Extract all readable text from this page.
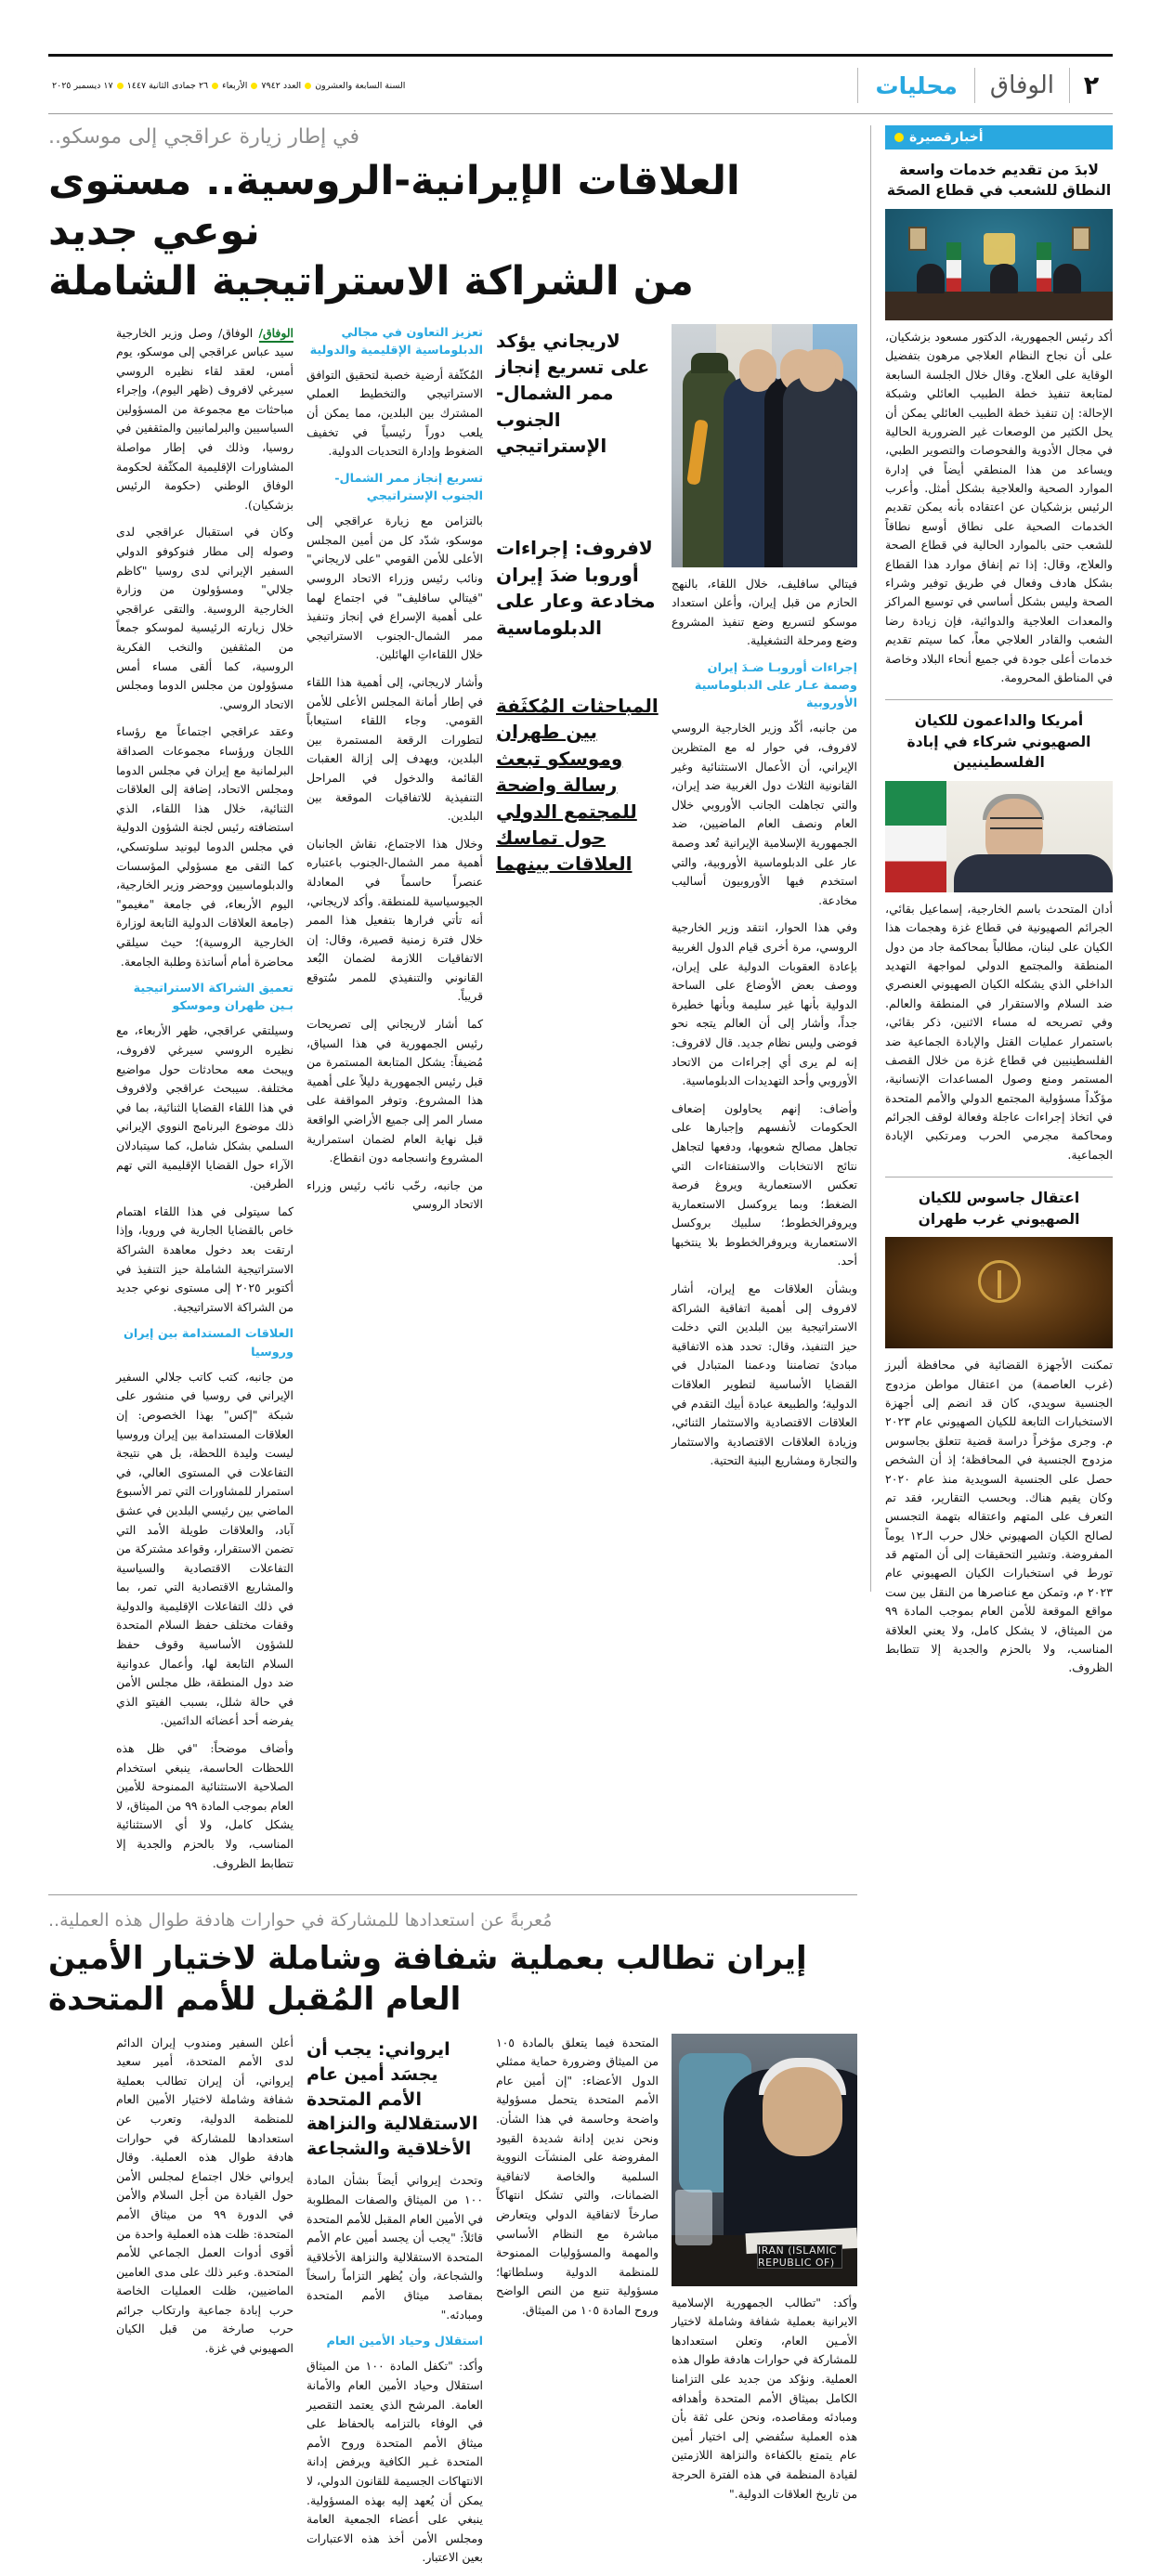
٢
الوفاق
محليات
السنة السابعة والعشرونالعدد ٧٩٤٢الأربعاء٢٦ جمادى الثانية ١٤٤٧١٧ ديسمبر ٢٠٢٥
أخبارقصيرة
لابدَ من تقديم خدمات واسعة النطاق للشعب في قطاع الصحَة
أكد رئيس الجمهورية، الدكتور مسعود بزشكيان، على أن نجاح النظام العلاجي مرهون بتفضيل الوقاية على العلاج. وقال خلال الجلسة السابعة لمتابعة تنفيذ خطة الطبيب العائلي وشبكة الإحالة: إن تنفيذ خطة الطبيب العائلي يمكن أن يحل الكثير من الوصعات غير الضرورية الحالية في مجال الأدوية والفحوصات والتصوير الطبي، ويساعد من هذا المنطقي أيضاً في إدارة الموارد الصحية والعلاجية بشكل أمثل. وأعرب الرئيس بزشكيان عن اعتقاده بأنه يمكن تقديم الخدمات الصحية على نطاق أوسع نطاقاً للشعب حتى بالموارد الحالية في قطاع الصحة والعلاج، وقال: إذا تم إنفاق موارد هذا القطاع بشكل هادف وفعال في طريق توفير وشراء الصحة وليس بشكل أساسي في توسيع المراكز والمعدات العلاجية والدوائية، فإن زيادة رضا الشعب والقادر العلاجي معاً، كما سيتم تقديم خدمات أعلى جودة في جميع أنحاء البلاد وخاصة في المناطق المحرومة.
أمريكا والداعمون للكيان الصهيوني شركاء في إبادة الفلسطينيين
أدان المتحدث باسم الخارجية، إسماعيل بقائي، الجرائم الصهيونية في قطاع غزة وهجمات هذا الكيان على لبنان، مطالباً بمحاكمة جاد من دول المنطقة والمجتمع الدولي لمواجهة التهديد الداخلي الذي يشكله الكيان الصهيوني العنصري ضد السلام والاستقرار في المنطقة والعالم. وفي تصريحه له مساء الاثنين، ذكر بقائي، باستمرار عمليات القتل والإبادة الجماعية ضد الفلسطينيين في قطاع غزة من خلال القصف المستمر ومنع وصول المساعدات الإنسانية، مؤكّداً مسؤولية المجتمع الدولي والأمم المتحدة في اتخاذ إجراءات عاجلة وفعالة لوقف الجرائم ومحاكمة مجرمي الحرب ومرتكبي الإبادة الجماعية.
اعتقال جاسوس للكيان الصهيوني غرب طهران
تمكنت الأجهزة القضائية في محافظة ألبرز (غرب العاصمة) من اعتقال مواطن مزدوج الجنسية سويدي، كان قد انضم إلى أجهزة الاستخبارات التابعة للكيان الصهيوني عام ٢٠٢٣ م. وجرى مؤخراً دراسة قضية تتعلق بجاسوس مزدوج الجنسية في المحافظة؛ إذ أن الشخص حصل على الجنسية السويدية منذ عام ٢٠٢٠ وكان يقيم هناك. وبحسب التقارير، فقد تم التعرف على المتهم واعتقاله بتهمة التجسس لصالح الكيان الصهيوني خلال حرب الـ١٢ يوماً المفروضة. وتشير التحقيقات إلى أن المتهم قد تورط في استخبارات الكيان الصهيوني عام ٢٠٢٣ م، وتمكن مع عناصرها من النقل بين ست مواقع الموقعة للأمن العام بموجب المادة ٩٩ من الميثاق، لا يشكل كامل، ولا يعني العلاقة المناسب، ولا بالحزم والجدية إلا تتطابط الظروف.
في إطار زيارة عراقجي إلى موسكو..
العلاقات الإيرانية-الروسية.. مستوى نوعي جديد
من الشراكة الاستراتيجية الشاملة

فيتالي سافليف، خلال اللقاء، بالنهج الحازم من قبل إيران، وأعلن استعداد موسكو لتسريع وضع تنفيذ المشروع وضع ومرحلة التشغيلية.

إجراءات أوروبـا ضـدَ إيران وصمة عـار على الدبلوماسية الأوروبية

من جانبه، أكّد وزير الخارجية الروسي لافروف، في حوار له مع المتظرين الإيراني، أن الأعمال الاستثنائية وغير القانونية الثلاث دول الغربية ضد إيران، والتي تجاهلت الجانب الأوروبي خلال العام ونصف العام الماضيين، ضد الجمهورية الإسلامية الإيرانية تُعد وصمة عار على الدبلوماسية الأوروبية، والتي استخدم فيها الأوروبيون أساليب مخادعة.

وفي هذا الحوار، انتقد وزير الخارجية الروسي، مرة أخرى قيام الدول الغربية بإعادة العقوبات الدولية على إيران، ووصف بعض الأوضاع على الساحة الدولية بأنها غير سليمة وبأنها خطيرة جداً، وأشار إلى أن العالم يتجه نحو فوضى وليس نظام جديد. قال لافروف: إنه لم يرى أي إجراءات من الاتحاد الأوروبي وأحد التهديدات الدبلوماسية.

وأضاف: إنهم يحاولون إضعاف الحكومات لأنفسهم وإجبارها على تجاهل مصالح شعوبها، ودفعها لتجاهل نتائج الانتخابات والاستفتاءات التي تعكس الاستعمارية ويروغ فرصة الضغط؛ وبما يروكسل الاستعمارية ويروفرالخطوط؛ سلبيك بروكسل الاستعمارية ويروفرالخطوط بلا ينتخبها أحد.

وبشأن العلاقات مع إيران، أشار لافروف إلى أهمية اتفاقية الشراكة الاستراتيجية بين البلدين التي دخلت حيز التنفيذ، وقال: تحدد هذه الاتفاقية مبادئ تضامننا ودعمنا المتبادل في القضايا الأساسية لتطوير العلاقات الدولية؛ والطبيعة عبادة أبيك التقدم في العلاقات الاقتصادية والاستثمار الثنائي، وزيادة العلاقات الاقتصادية والاستثمار والتجارة ومشاريع البنية التحتية.

لاريجاني يؤكد على تسريع إنجاز ممر الشمال-الجنوب الإستراتيجي
لافروف: إجراءات أوروبا ضدَ إيران مخادعة وعار على الدبلوماسية
المباحثات المُكثَفة بين طهران وموسكو تبعث رسالة واضحة للمجتمع الدولي حول تماسك العلاقات بينهما
تعزيز التعاون في مجالي الدبلوماسية الإقليمية والدولية

المُكثّفة أرضية خصبة لتحقيق التوافق الاستراتيجي والتخطيط العملي المشترك بين البلدين، مما يمكن أن يلعب دوراً رئيسياً في تخفيف الضغوط وإدارة التحديات الدولية.

تسريع إنجاز ممر الشمال-الجنوب الإستراتيجي

بالتزامن مع زيارة عراقجي إلى موسكو، شدّد كل من أمين المجلس الأعلى للأمن القومي "على لاريجاني" ونائب رئيس وزراء الاتحاد الروسي "فيتالي سافليف" في اجتماع لهما على أهمية الإسراع في إنجاز وتنفيذ ممر الشمال-الجنوب الاستراتيجي خلال اللقاءاتِ الهائلين.

وأشار لاريجاني، إلى أهمية هذا اللقاء في إطار أمانة المجلس الأعلى للأمن القومي. وجاء اللقاء استيعاباً لتطورات الرقعة المستمرة بين البلدين، ويهدف إلى إزالة العقبات القائمة والدخول في المراحل التنفيذية للاتفاقيات الموقعة بين البلدين.

وخلال هذا الاجتماع، نقاش الجانبان أهمية ممر الشمال-الجنوب باعتباره عنصراً حاسماً في المعادلة الجيوسياسية للمنطقة. وأكد لاريجاني، أنه تأتي فرارها بتفعيل هذا الممر خلال فترة زمنية قصيرة، وقال: إن الاتفاقيات اللازمة لضمان البُعد القانوني والتنفيذي للممر سُتوقع قريباً.

كما أشار لاريجاني إلى تصريحات رئيس الجمهورية في هذا السياق، مُضيفاً: يشكل المتابعة المستمرة من قبل رئيس الجمهورية دليلاً على أهمية هذا المشروع. وتوفر المواقفة على مسار المر إلى جميع الأراضي الواقعة قبل نهاية العام لضمان استمرارية المشروع وانسجامه دون انقطاع.

من جانبه، رحّب نائب رئيس وزراء الاتحاد الروسي

الوفاق/ الوفاق/ وصل وزير الخارجية سيد عباس عراقجي إلى موسكو، يوم أمس، لعقد لقاء نظيره الروسي سيرغي لافروف (ظهر اليوم)، وإجراء مباحثات مع مجموعة من المسؤولين السياسيين والبرلمانيين والمثقفين في روسيا، وذلك في إطار مواصلة المشاورات الإقليمية المكثّفة لحكومة الوفاق الوطني (حكومة الرئيس بزشكيان).

وكان في استقبال عراقجي لدى وصوله إلى مطار فنوكوفو الدولي السفير الإيراني لدى روسيا "كاظم جلالي" ومسؤولون من وزارة الخارجية الروسية. والتقى عراقجي خلال زيارته الرئيسية لموسكو جمعاً من المثقفين والنخب الفكرية الروسية، كما ألقى مساء أمس مسؤولون من مجلس الدوما ومجلس الاتحاد الروسي.

وعقد عراقجي اجتماعاً مع رؤساء اللجان ورؤساء مجموعات الصداقة البرلمانية مع إيران في مجلس الدوما ومجلس الاتحاد، إضافة إلى العلاقات الثنائية، خلال هذا اللقاء، الذي استضافته رئيس لجنة الشؤون الدولية في مجلس الدوما ليونيد سلوتسكي، كما التقى مع مسؤولي المؤسسات والدبلوماسيين ووحضر وزير الخارجية، اليوم الأربعاء، في جامعة "مغيمو" (جامعة العلاقات الدولية التابعة لوزارة الخارجية الروسية)؛ حيث سيلقي محاضرة أمام أساتذة وطلبة الجامعة.

تعميق الشراكة الاستراتيجية بـين طهران وموسكو

وسيلتقي عراقجي، ظهر الأربعاء، مع نظيره الروسي سيرغي لافروف، ويبحث معه محادثات حول مواضيع مختلفة. سيبحث عراقجي ولافروف في هذا اللقاء القضايا الثنائية، بما في ذلك موضوع البرنامج النووي الإيراني السلمي بشكل شامل، كما سيتبادلان الآراء حول القضايا الإقليمية التي تهم الطرفين.

كما سيتولى في هذا اللقاء اهتمام خاص بالقضايا الجارية في ورويا، وإذا ارتقت بعد دخول معاهدة الشراكة الاستراتيجية الشاملة حيز التنفيذ في أكتوبر ٢٠٢٥ إلى مستوى نوعي جديد من الشراكة الاستراتيجية.

العلاقات المستدامة بين إيران وروسيا

من جانبه، كتب كاتب جلالي السفير الإيراني في روسيا في منشور على شبكة "إكس" بهذا الخصوص: إن العلاقات المستدامة بين إيران وروسيا ليست وليدة اللحظة، بل هي نتيجة التفاعلات في المستوى العالي، في استمرار للمشاورات التي تمر الأسبوع الماضي بين رئيسي البلدين في عشق آباد، والعلاقات طويلة الأمد التي تضمن الاستقرار، وقواعد مشتركة من التفاعلات الاقتصادية والسياسية والمشاريع الاقتصادية التي تمر، بما في ذلك التفاعلات الإقليمية والدولية وقفات مختلف حفظ السلام المتحدة للشؤون الأساسية وقوف حفظ السلام التابعة لها، وأعمال عدوانية ضد دول المنطقة، ظل مجلس الأمن في حالة شلل، بسبب الفيتو الذي يفرضه أحد أعضائه الدائمين.

وأضاف موضحاً: "في ظل هذه اللحظات الحاسمة، ينبغي استخدام الصلاحية الاستثنائية الممنوحة للأمين العام بموجب المادة ٩٩ من الميثاق، لا يشكل كامل، ولا أي الاستثنائية المناسب، ولا بالحزم والجدية إلا تتطابط الظروف.

مُعربةً عن استعدادها للمشاركة في حوارات هادفة طوال هذه العملية..
إيران تطالب بعملية شفافة وشاملة لاختيار الأمين العام المُقبل للأمم المتحدة
IRAN (ISLAMIC REPUBLIC OF)

وأكد: "تطالب الجمهورية الإسلامية الايرانية بعملية شفافة وشاملة لاختيار الأمـين العام، وتعلن استعدادها للمشاركة في حوارات هادفة طوال هذه العملية. ونؤكد من جديد على التزامنا الكامل بميثاق الأمم المتحدة وأهدافه ومبادئه ومقاصده، ونحن على ثقة بأن هذه العملية ستُفضي إلى اختيار أمين عام يتمتع بالكفاءة والنزاهة اللازمتين لقيادة المنظمة في هذه الفترة الحرجة من تاريخ العلاقات الدولية."

المتحدة فيما يتعلق بالمادة ١٠٥ من الميثاق وضرورة حماية ممثلي الدول الأعضاء: "إن أمين عام الأمم المتحدة يتحمل مسؤولية واضحة وحاسمة في هذا الشأن. ونحن ندين إدانة شديدة القيود المفروضة على المنشآت النووية السلمية والخاصة لاتفاقية الضمانات، والتي تشكل انتهاكاً صارخاً لاتفاقية الدولي ويتعارض مباشرة مع النظام الأساسي والمهمة والمسؤوليات الممنوحة للمنظمة الدولية وسلطاتها؛ مسؤولية تنبع من النص الواضح وروح المادة ١٠٥ من الميثاق.

ايرواني: يجب أن يجسَد أمين عام الأمم المتحدة الاستقلالية والنزاهة الأخلاقية والشجاعة

وتحدث إيرواني أيضاً بشأن المادة ١٠٠ من الميثاق والصفات المطلوبة في الأمين العام المقبل للأمم المتحدة قائلاً: "يجب أن يجسد أمين عام الأمم المتحدة الاستقلالية والنزاهة الأخلاقية والشجاعة، وأن يُظهر التزاماً راسخاً بمقاصد ميثاق الأمم المتحدة ومبادئه."

استقلال وحياد الأمين العام

وأكد: "تكفل المادة ١٠٠ من الميثاق استقلال وحياد الأمين العام والأمانة العامة. المرشح الذي يعتمد التقصير في الوفاء بالتزامه بالحفاظ على ميثاق الأمم المتحدة وروح الأمم المتحدة غـير الكافية ويرفض إدانة الانتهاكات الجسيمة للقانون الدولي، لا يمكن أن يُعهد إليه بهذه المسؤولية. ينبغي على أعضاء الجمعية العامة ومجلس الأمن أخذ هذه الاعتبارات بعين الاعتبار.

أعلن السفير ومندوب إيران الدائم لدى الأمم المتحدة، أمير سعيد إيرواني، أن إيران تطالب بعملية شفافة وشاملة لاختيار الأمين العام للمنظمة الدولية، وتعرب عن استعدادها للمشاركة في حوارات هادفة طوال هذه العملية. وقال إيرواني خلال اجتماع لمجلس الأمن حول القيادة من أجل السلام والأمن في الدورة ٩٩ من ميثاق الأمم المتحدة: ظلت هذه العملية واحدة من أقوى أدوات العمل الجماعي للأمم المتحدة. وعبر ذلك على مدى العامين الماضيين، ظلت العمليات الخاصة حرب إبادة جماعية وارتكاب جرائم حرب صارخة من قبل الكيان الصهيوني في غزة.
